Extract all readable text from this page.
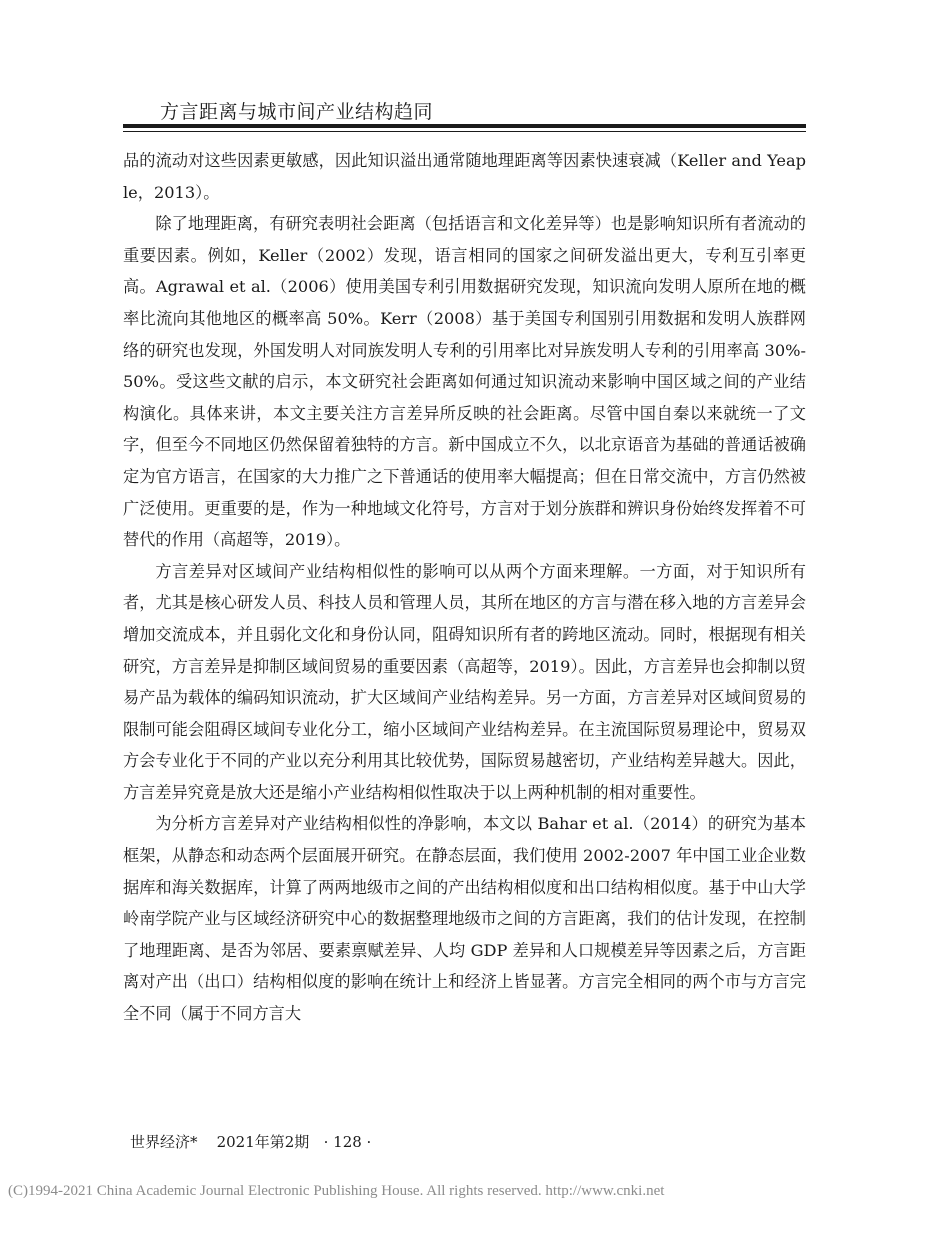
方言距离与城市间产业结构趋同

品的流动对这些因素更敏感，因此知识溢出通常随地理距离等因素快速衰减（Keller and Yeaple，2013）。

除了地理距离，有研究表明社会距离（包括语言和文化差异等）也是影响知识所有者流动的重要因素。例如，Keller（2002）发现，语言相同的国家之间研发溢出更大，专利互引率更高。Agrawal et al.（2006）使用美国专利引用数据研究发现，知识流向发明人原所在地的概率比流向其他地区的概率高 50%。Kerr（2008）基于美国专利国别引用数据和发明人族群网络的研究也发现，外国发明人对同族发明人专利的引用率比对异族发明人专利的引用率高 30%-50%。受这些文献的启示，本文研究社会距离如何通过知识流动来影响中国区域之间的产业结构演化。具体来讲，本文主要关注方言差异所反映的社会距离。尽管中国自秦以来就统一了文字，但至今不同地区仍然保留着独特的方言。新中国成立不久，以北京语音为基础的普通话被确定为官方语言，在国家的大力推广之下普通话的使用率大幅提高；但在日常交流中，方言仍然被广泛使用。更重要的是，作为一种地域文化符号，方言对于划分族群和辨识身份始终发挥着不可替代的作用（高超等，2019）。

方言差异对区域间产业结构相似性的影响可以从两个方面来理解。一方面，对于知识所有者，尤其是核心研发人员、科技人员和管理人员，其所在地区的方言与潜在移入地的方言差异会增加交流成本，并且弱化文化和身份认同，阻碍知识所有者的跨地区流动。同时，根据现有相关研究，方言差异是抑制区域间贸易的重要因素（高超等，2019）。因此，方言差异也会抑制以贸易产品为载体的编码知识流动，扩大区域间产业结构差异。另一方面，方言差异对区域间贸易的限制可能会阻碍区域间专业化分工，缩小区域间产业结构差异。在主流国际贸易理论中，贸易双方会专业化于不同的产业以充分利用其比较优势，国际贸易越密切，产业结构差异越大。因此，方言差异究竟是放大还是缩小产业结构相似性取决于以上两种机制的相对重要性。

为分析方言差异对产业结构相似性的净影响，本文以 Bahar et al.（2014）的研究为基本框架，从静态和动态两个层面展开研究。在静态层面，我们使用 2002-2007 年中国工业企业数据库和海关数据库，计算了两两地级市之间的产出结构相似度和出口结构相似度。基于中山大学岭南学院产业与区域经济研究中心的数据整理地级市之间的方言距离，我们的估计发现，在控制了地理距离、是否为邻居、要素禀赋差异、人均 GDP 差异和人口规模差异等因素之后，方言距离对产出（出口）结构相似度的影响在统计上和经济上皆显著。方言完全相同的两个市与方言完全不同（属于不同方言大

世界经济* 2021年第2期 · 128 ·
(C)1994-2021 China Academic Journal Electronic Publishing House. All rights reserved. http://www.cnki.net
